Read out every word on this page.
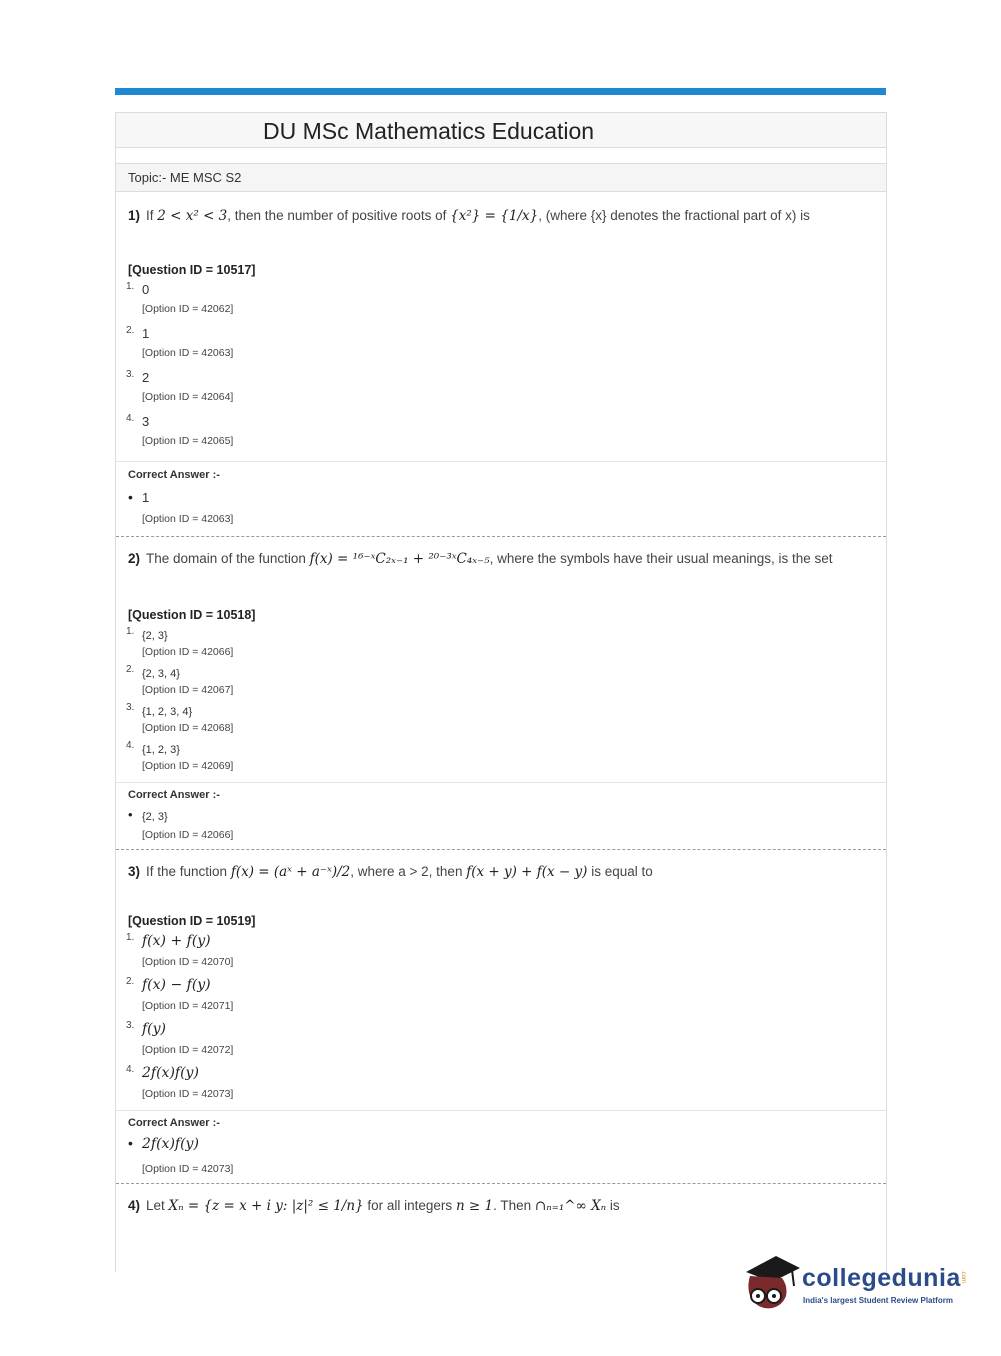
DU MSc Mathematics Education
Topic:- ME MSC S2
1) If 2 < x² < 3, then the number of positive roots of {x²} = {1/x}, (where {x} denotes the fractional part of x) is
[Question ID = 10517]
1. 0
[Option ID = 42062]
2. 1
[Option ID = 42063]
3. 2
[Option ID = 42064]
4. 3
[Option ID = 42065]
Correct Answer :-
• 1
[Option ID = 42063]
2) The domain of the function f(x) = ¹⁶⁻ˣC₂ₓ₋₁ + ²⁰⁻³ˣC₄ₓ₋₅, where the symbols have their usual meanings, is the set
[Question ID = 10518]
1. {2, 3}
[Option ID = 42066]
2. {2, 3, 4}
[Option ID = 42067]
3. {1, 2, 3, 4}
[Option ID = 42068]
4. {1, 2, 3}
[Option ID = 42069]
Correct Answer :-
• {2, 3}
[Option ID = 42066]
3) If the function f(x) = (aˣ + a⁻ˣ)/2, where a > 2, then f(x + y) + f(x − y) is equal to
[Question ID = 10519]
1. f(x) + f(y)
[Option ID = 42070]
2. f(x) − f(y)
[Option ID = 42071]
3. f(y)
[Option ID = 42072]
4. 2f(x)f(y)
[Option ID = 42073]
Correct Answer :-
• 2f(x)f(y)
[Option ID = 42073]
4) Let Xₙ = {z = x + i y: |z|² ≤ 1/n} for all integers n ≥ 1. Then ∩ₙ₌₁^∞ Xₙ is
collegedunia .com
India's largest Student Review Platform
